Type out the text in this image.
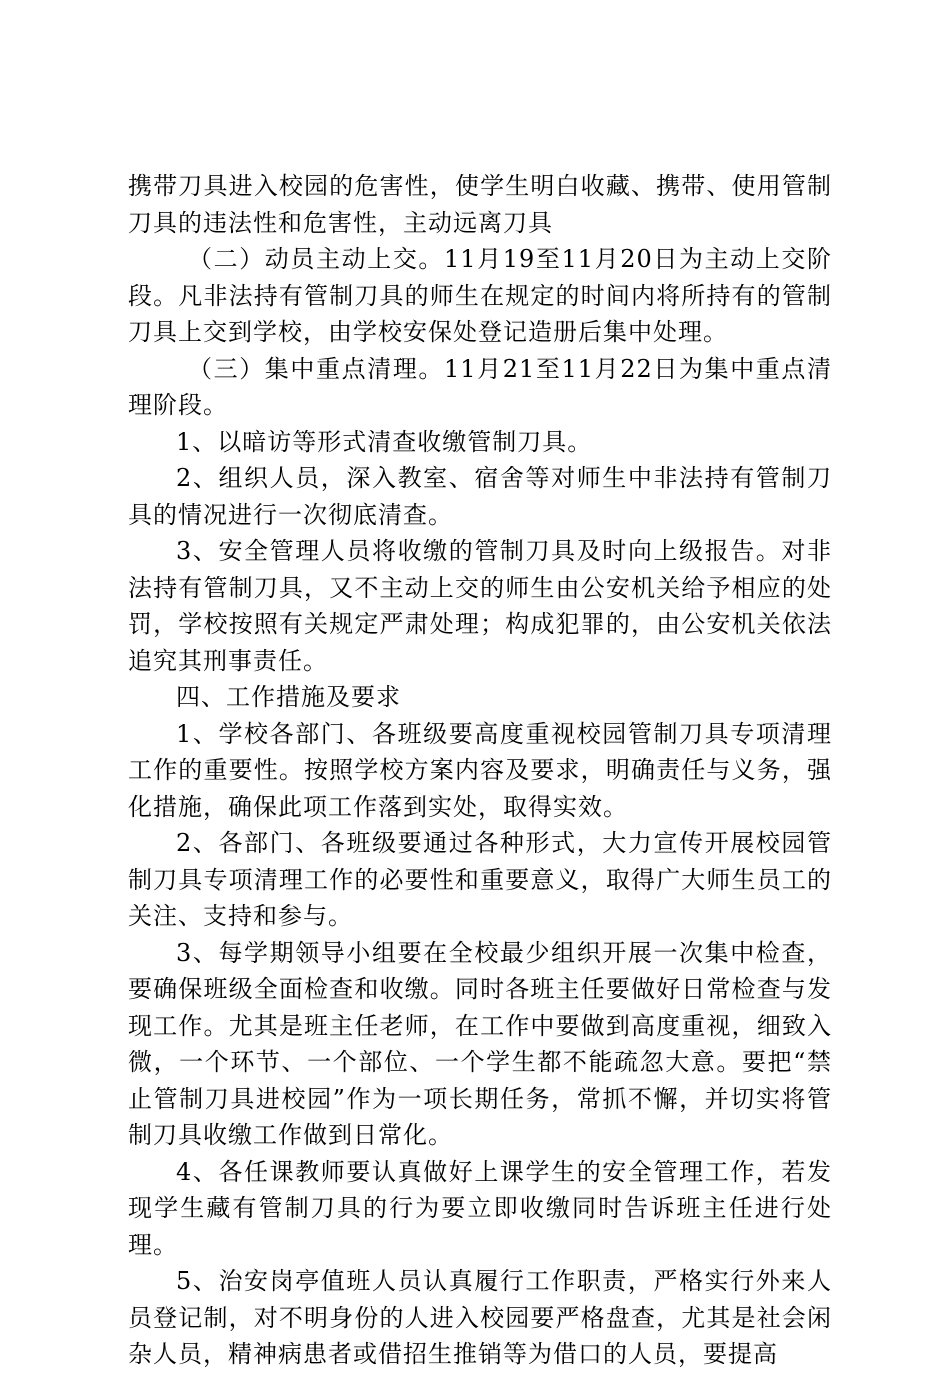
携带刀具进入校园的危害性，使学生明白收藏、携带、使用管制刀具的违法性和危害性，主动远离刀具

（二）动员主动上交。11月19至11月20日为主动上交阶段。凡非法持有管制刀具的师生在规定的时间内将所持有的管制刀具上交到学校，由学校安保处登记造册后集中处理。

（三）集中重点清理。11月21至11月22日为集中重点清理阶段。

1、以暗访等形式清查收缴管制刀具。

2、组织人员，深入教室、宿舍等对师生中非法持有管制刀具的情况进行一次彻底清查。

3、安全管理人员将收缴的管制刀具及时向上级报告。对非法持有管制刀具，又不主动上交的师生由公安机关给予相应的处罚，学校按照有关规定严肃处理；构成犯罪的，由公安机关依法追究其刑事责任。

四、工作措施及要求

1、学校各部门、各班级要高度重视校园管制刀具专项清理工作的重要性。按照学校方案内容及要求，明确责任与义务，强化措施，确保此项工作落到实处，取得实效。

2、各部门、各班级要通过各种形式，大力宣传开展校园管制刀具专项清理工作的必要性和重要意义，取得广大师生员工的关注、支持和参与。

3、每学期领导小组要在全校最少组织开展一次集中检查，要确保班级全面检查和收缴。同时各班主任要做好日常检查与发现工作。尤其是班主任老师，在工作中要做到高度重视，细致入微，一个环节、一个部位、一个学生都不能疏忽大意。要把“禁止管制刀具进校园”作为一项长期任务，常抓不懈，并切实将管制刀具收缴工作做到日常化。

4、各任课教师要认真做好上课学生的安全管理工作，若发现学生藏有管制刀具的行为要立即收缴同时告诉班主任进行处理。

5、治安岗亭值班人员认真履行工作职责，严格实行外来人员登记制，对不明身份的人进入校园要严格盘查，尤其是社会闲杂人员，精神病患者或借招生推销等为借口的人员，要提高
